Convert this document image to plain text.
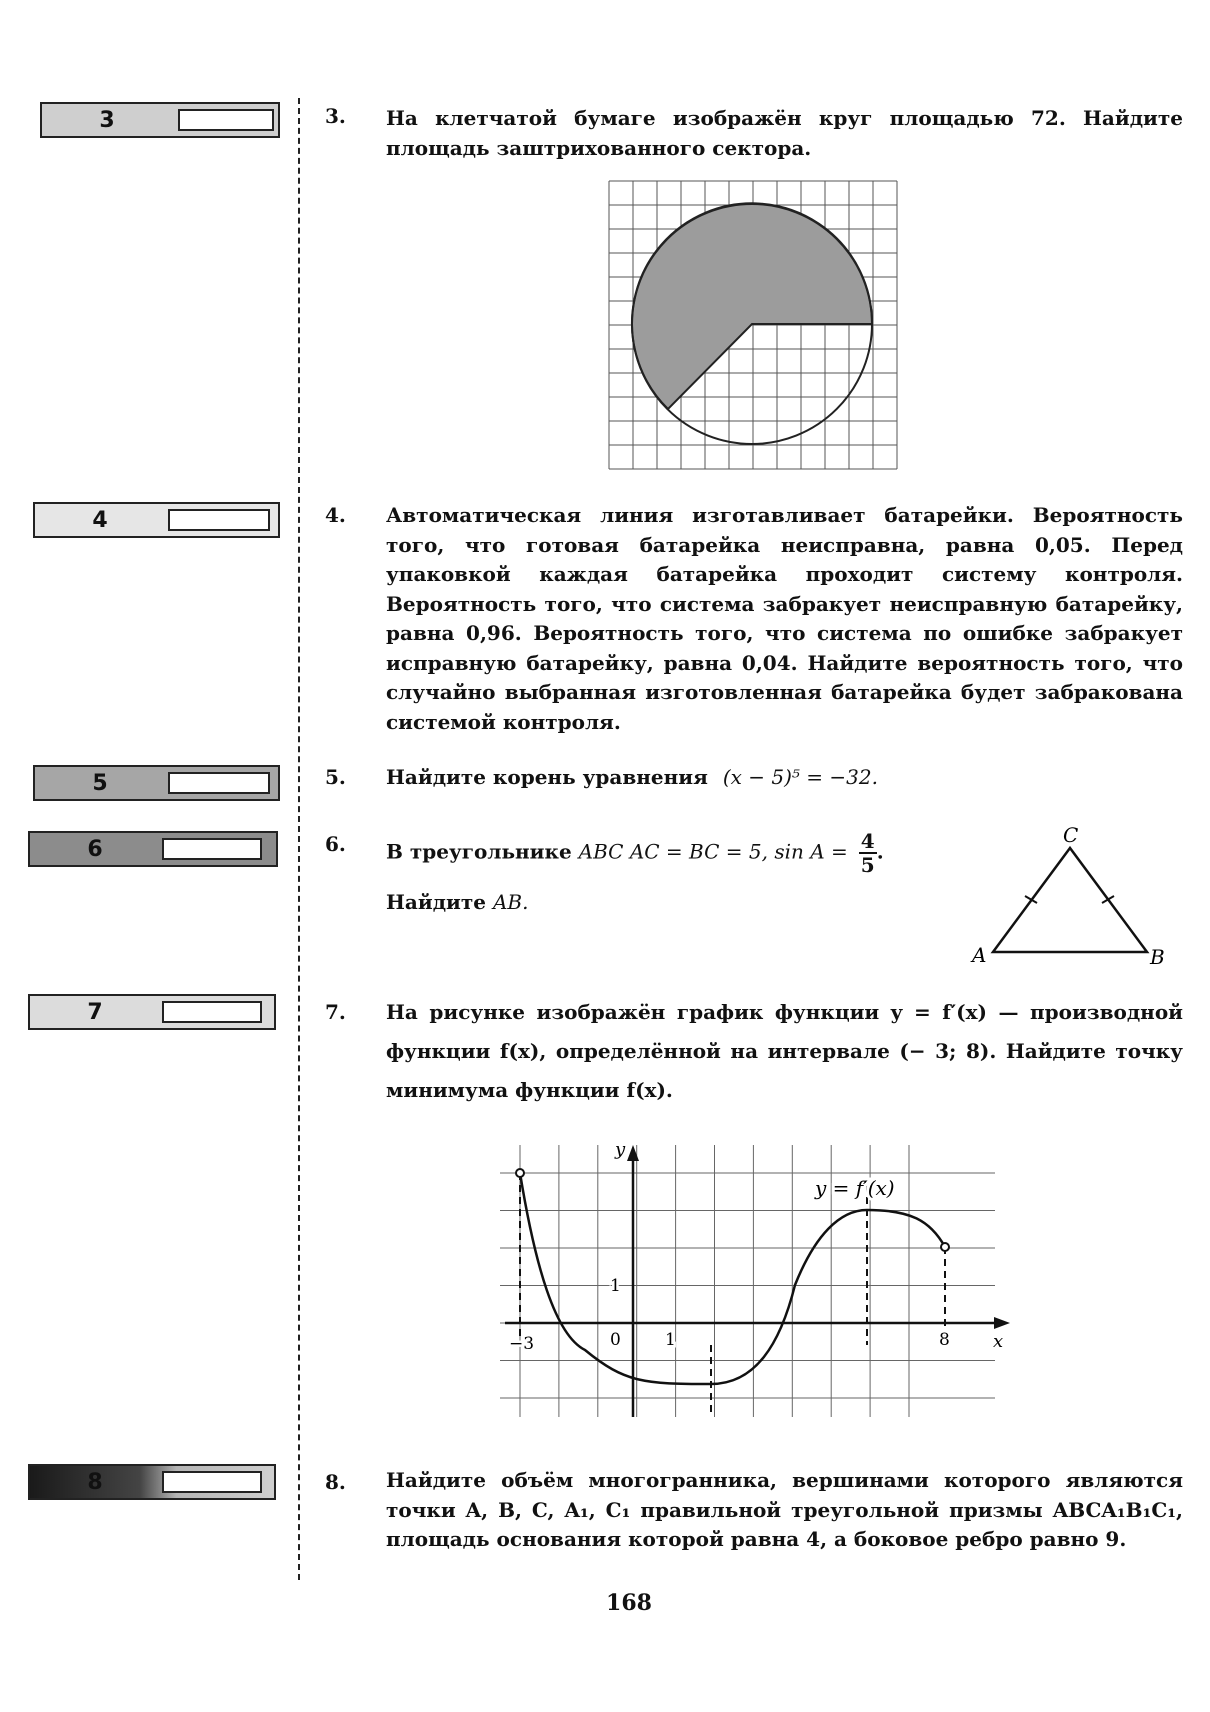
3
4
5
6
7
8
3. На клетчатой бумаге изображён круг площадью 72. Найдите площадь заштрихованного сектора.

4. Автоматическая линия изготавливает батарейки. Вероятность того, что готовая батарейка неисправна, равна 0,05. Перед упаковкой каждая батарейка проходит систему контроля. Вероятность того, что система забракует неисправную батарейку, равна 0,96. Вероятность того, что система по ошибке забракует исправную батарейку, равна 0,04. Найдите вероятность того, что случайно выбранная изготовленная батарейка будет забракована системой контроля.

5. Найдите корень уравнения (x − 5)⁵ = −32.

6. В треугольнике ABC AC = BC = 5, $\sin A = \frac{4}{5}$ .

Найдите AB.

A	B
C
7. На рисунке изображён график функции y = f′(x) — производной функции f(x), определённой на интервале (− 3; 8). Найдите точку минимума функции f(x).

y
x
y = f′(x)
−3	0	1	8
1
8. Найдите объём многогранника, вершинами которого являются точки A, B, C, A₁, C₁ правильной треугольной призмы ABCA₁B₁C₁, площадь основания которой равна 4, а боковое ребро равно 9.

168
